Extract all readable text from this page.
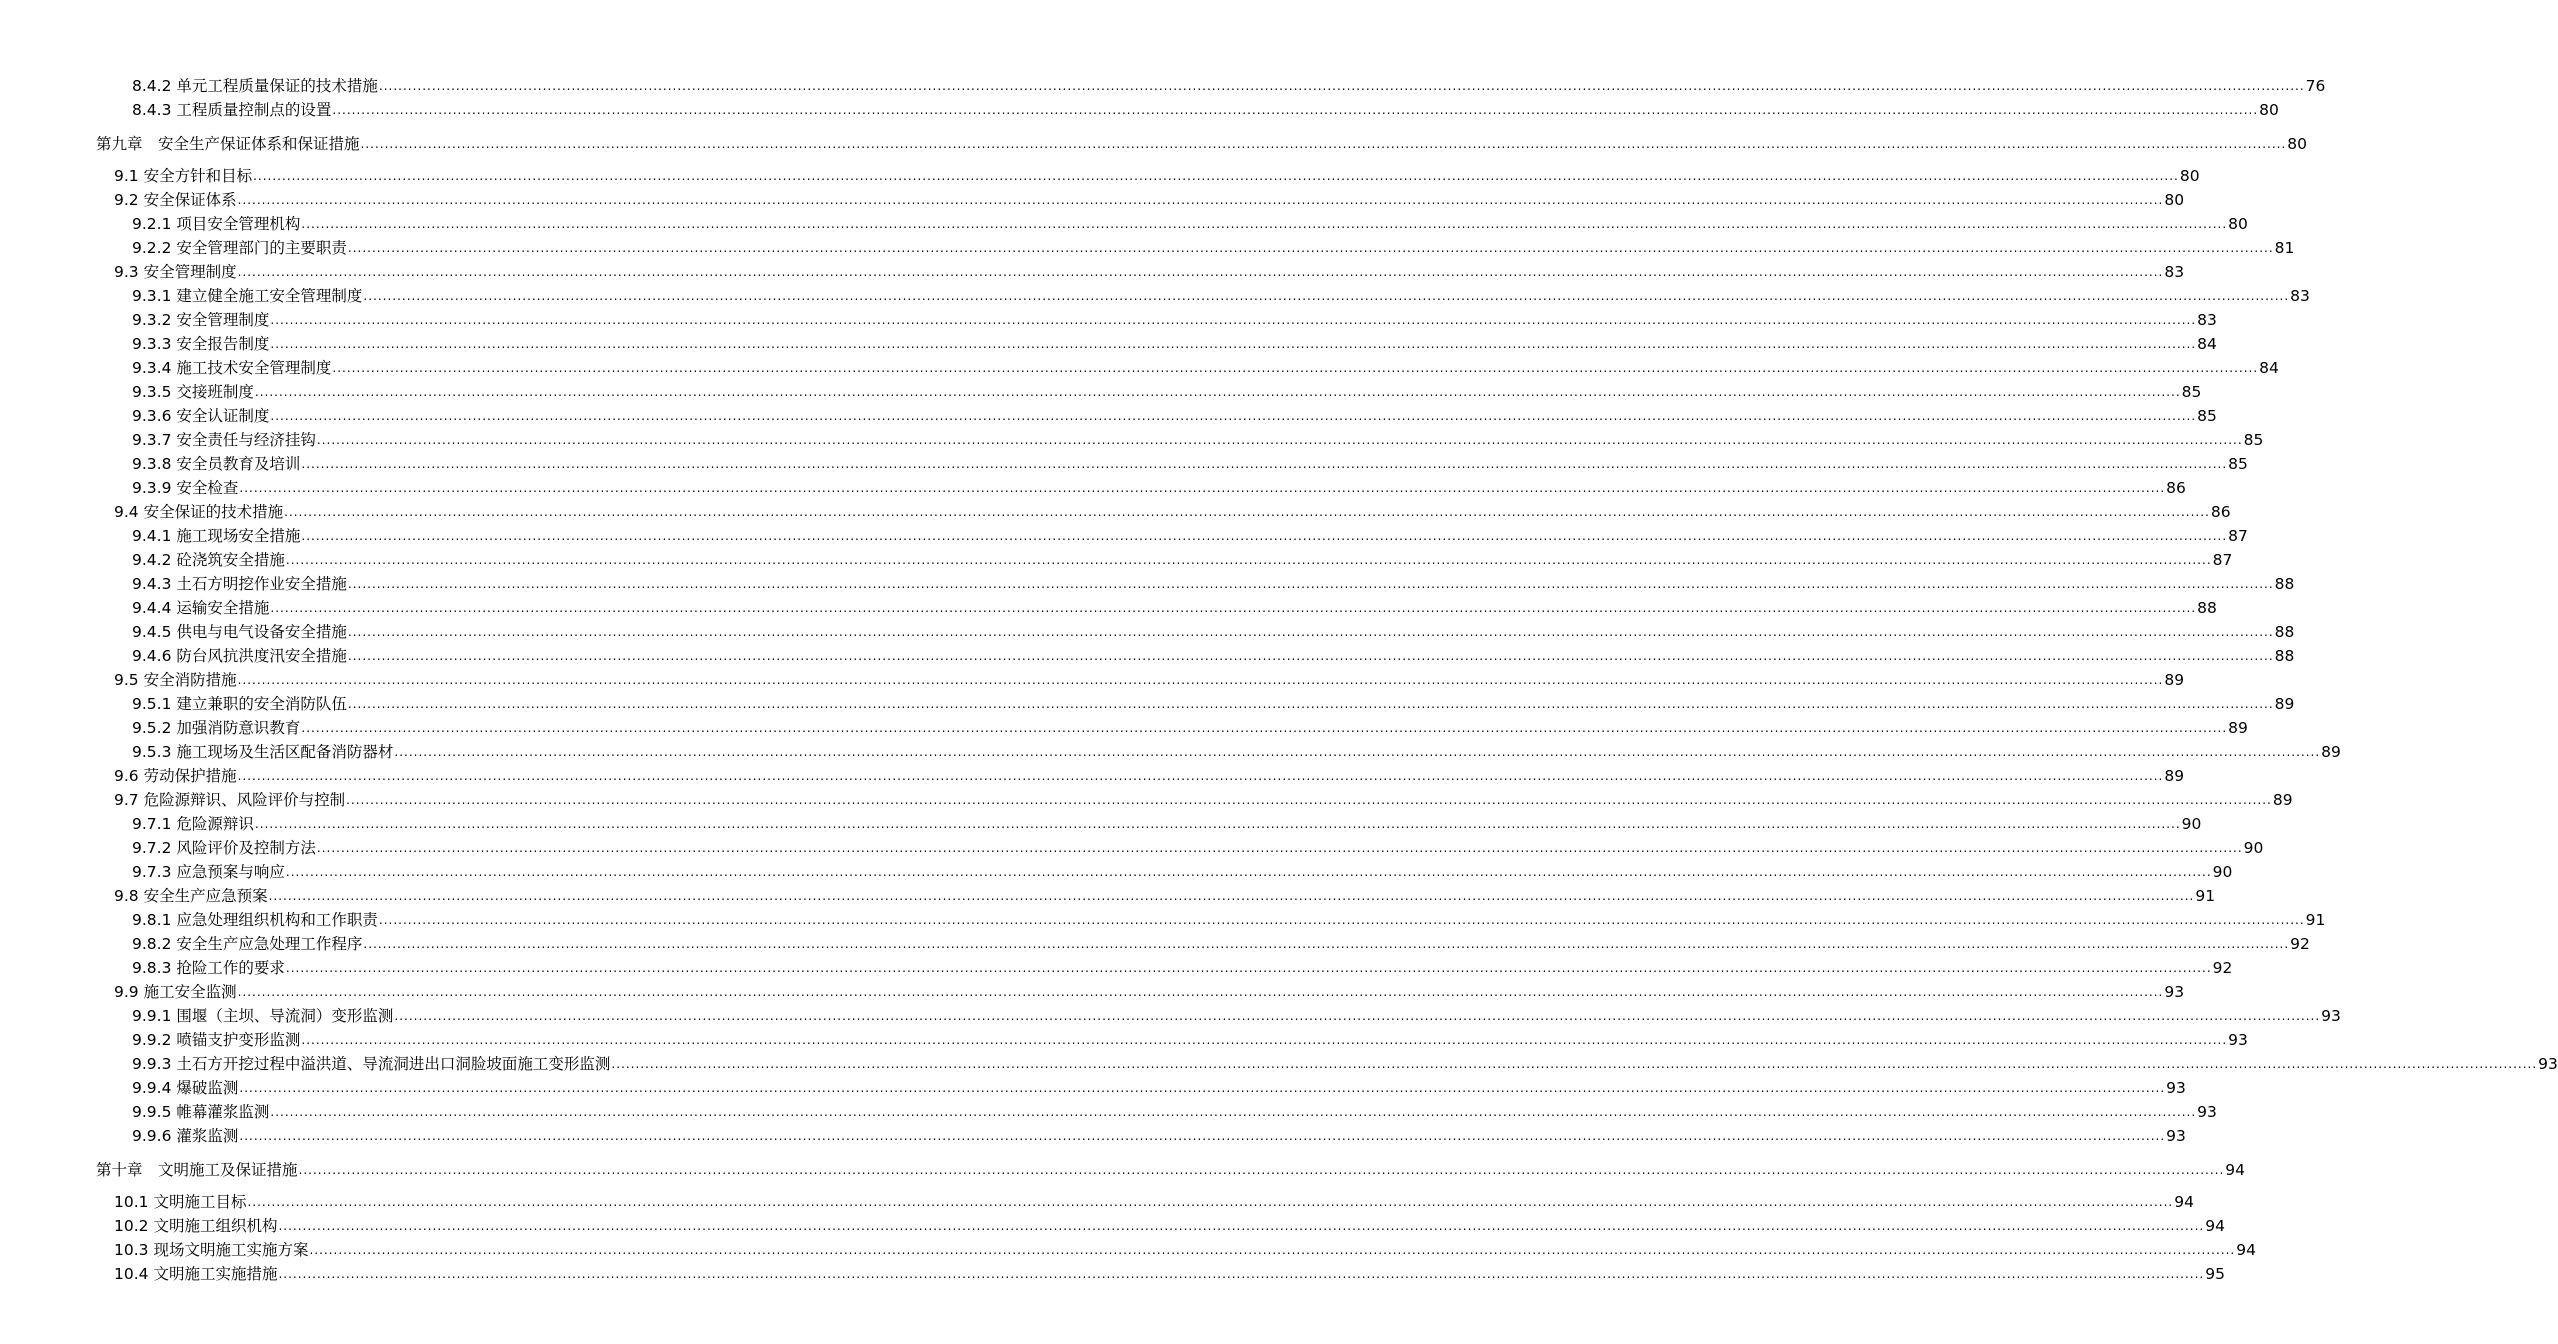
8.4.2 单元工程质量保证的技术措施 ................................................................................................................................................................................................................................................................................................................................................................................................................ 76
8.4.3 工程质量控制点的设置 ................................................................................................................................................................................................................................................................................................................................................................................................................ 80
第九章　安全生产保证体系和保证措施 ................................................................................................................................................................................................................................................................................................................................................................................................................ 80
9.1 安全方针和目标 ................................................................................................................................................................................................................................................................................................................................................................................................................ 80
9.2 安全保证体系 ................................................................................................................................................................................................................................................................................................................................................................................................................ 80
9.2.1 项目安全管理机构 ................................................................................................................................................................................................................................................................................................................................................................................................................ 80
9.2.2 安全管理部门的主要职责 ................................................................................................................................................................................................................................................................................................................................................................................................................ 81
9.3 安全管理制度 ................................................................................................................................................................................................................................................................................................................................................................................................................ 83
9.3.1 建立健全施工安全管理制度 ................................................................................................................................................................................................................................................................................................................................................................................................................ 83
9.3.2 安全管理制度 ................................................................................................................................................................................................................................................................................................................................................................................................................ 83
9.3.3 安全报告制度 ................................................................................................................................................................................................................................................................................................................................................................................................................ 84
9.3.4 施工技术安全管理制度 ................................................................................................................................................................................................................................................................................................................................................................................................................ 84
9.3.5 交接班制度 ................................................................................................................................................................................................................................................................................................................................................................................................................ 85
9.3.6 安全认证制度 ................................................................................................................................................................................................................................................................................................................................................................................................................ 85
9.3.7 安全责任与经济挂钩 ................................................................................................................................................................................................................................................................................................................................................................................................................ 85
9.3.8 安全员教育及培训 ................................................................................................................................................................................................................................................................................................................................................................................................................ 85
9.3.9 安全检查 ................................................................................................................................................................................................................................................................................................................................................................................................................ 86
9.4 安全保证的技术措施 ................................................................................................................................................................................................................................................................................................................................................................................................................ 86
9.4.1 施工现场安全措施 ................................................................................................................................................................................................................................................................................................................................................................................................................ 87
9.4.2 砼浇筑安全措施 ................................................................................................................................................................................................................................................................................................................................................................................................................ 87
9.4.3 土石方明挖作业安全措施 ................................................................................................................................................................................................................................................................................................................................................................................................................ 88
9.4.4 运输安全措施 ................................................................................................................................................................................................................................................................................................................................................................................................................ 88
9.4.5 供电与电气设备安全措施 ................................................................................................................................................................................................................................................................................................................................................................................................................ 88
9.4.6 防台风抗洪度汛安全措施 ................................................................................................................................................................................................................................................................................................................................................................................................................ 88
9.5 安全消防措施 ................................................................................................................................................................................................................................................................................................................................................................................................................ 89
9.5.1 建立兼职的安全消防队伍 ................................................................................................................................................................................................................................................................................................................................................................................................................ 89
9.5.2 加强消防意识教育 ................................................................................................................................................................................................................................................................................................................................................................................................................ 89
9.5.3 施工现场及生活区配备消防器材 ................................................................................................................................................................................................................................................................................................................................................................................................................ 89
9.6 劳动保护措施 ................................................................................................................................................................................................................................................................................................................................................................................................................ 89
9.7 危险源辩识、风险评价与控制 ................................................................................................................................................................................................................................................................................................................................................................................................................ 89
9.7.1 危险源辩识 ................................................................................................................................................................................................................................................................................................................................................................................................................ 90
9.7.2 风险评价及控制方法 ................................................................................................................................................................................................................................................................................................................................................................................................................ 90
9.7.3 应急预案与响应 ................................................................................................................................................................................................................................................................................................................................................................................................................ 90
9.8 安全生产应急预案 ................................................................................................................................................................................................................................................................................................................................................................................................................ 91
9.8.1 应急处理组织机构和工作职责 ................................................................................................................................................................................................................................................................................................................................................................................................................ 91
9.8.2 安全生产应急处理工作程序 ................................................................................................................................................................................................................................................................................................................................................................................................................ 92
9.8.3 抢险工作的要求 ................................................................................................................................................................................................................................................................................................................................................................................................................ 92
9.9 施工安全监测 ................................................................................................................................................................................................................................................................................................................................................................................................................ 93
9.9.1 围堰（主坝、导流洞）变形监测 ................................................................................................................................................................................................................................................................................................................................................................................................................ 93
9.9.2 喷锚支护变形监测 ................................................................................................................................................................................................................................................................................................................................................................................................................ 93
9.9.3 土石方开挖过程中溢洪道、导流洞进出口洞脸坡面施工变形监测 ................................................................................................................................................................................................................................................................................................................................................................................................................ 93
9.9.4 爆破监测 ................................................................................................................................................................................................................................................................................................................................................................................................................ 93
9.9.5 帷幕灌浆监测 ................................................................................................................................................................................................................................................................................................................................................................................................................ 93
9.9.6 灌浆监测 ................................................................................................................................................................................................................................................................................................................................................................................................................ 93
第十章　文明施工及保证措施 ................................................................................................................................................................................................................................................................................................................................................................................................................ 94
10.1 文明施工目标 ................................................................................................................................................................................................................................................................................................................................................................................................................ 94
10.2 文明施工组织机构 ................................................................................................................................................................................................................................................................................................................................................................................................................ 94
10.3 现场文明施工实施方案 ................................................................................................................................................................................................................................................................................................................................................................................................................ 94
10.4 文明施工实施措施 ................................................................................................................................................................................................................................................................................................................................................................................................................ 95
